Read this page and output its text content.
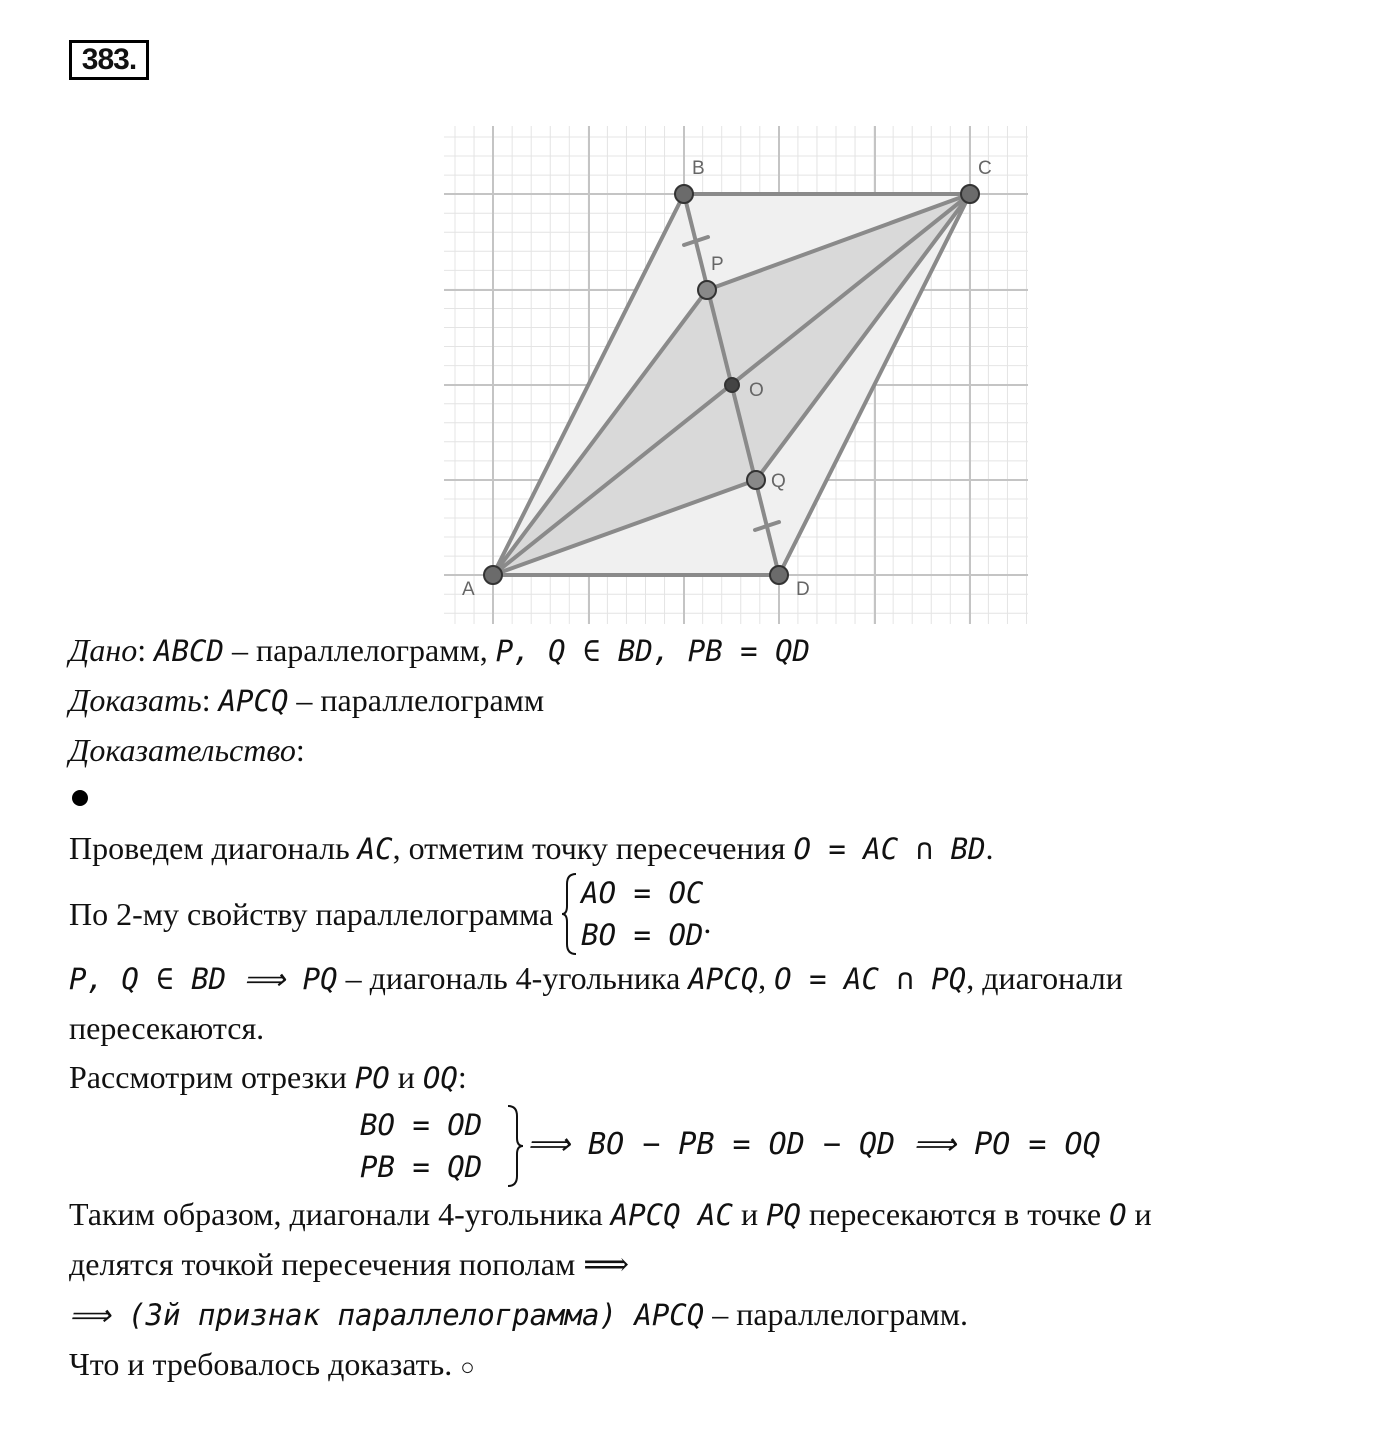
383.
A
B	C
D
P
Q
O
Дано: ABCD – параллелограмм, P, Q ∈ BD, PB = QD
Доказать: APCQ – параллелограмм
Доказательство:
Проведем диагональ AC, отметим точку пересечения O = AC ∩ BD.
По 2-му свойству параллелограмма
AO = OC
BO = OD .
P, Q ∈ BD ⟹ PQ – диагональ 4-угольника APCQ, O = AC ∩ PQ, диагонали
пересекаются.
Рассмотрим отрезки PO и OQ:
BO = OD
PB = QD
⟹ BO − PB = OD − QD ⟹ PO = OQ
Таким образом, диагонали 4-угольника APCQ AC и PQ пересекаются в точке O и
делятся точкой пересечения пополам ⟹
⟹ (3й признак параллелограмма) APCQ – параллелограмм.
Что и требовалось доказать. ○
